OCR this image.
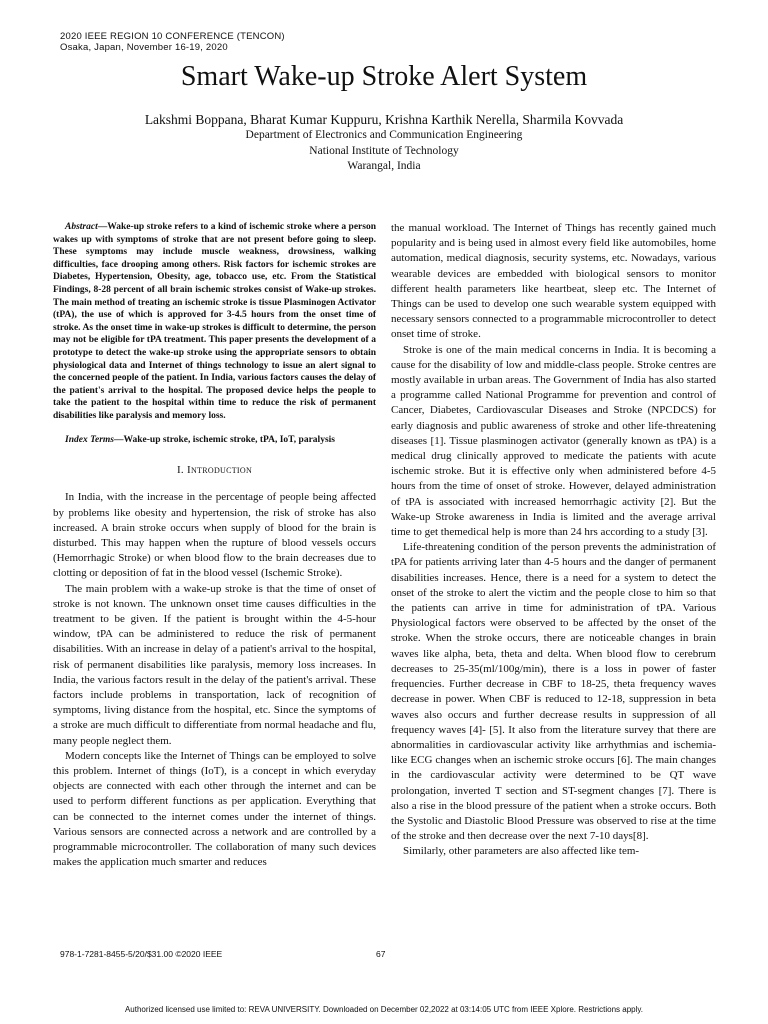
2020 IEEE REGION 10 CONFERENCE (TENCON)
Osaka, Japan, November 16-19, 2020
Smart Wake-up Stroke Alert System
Lakshmi Boppana, Bharat Kumar Kuppuru, Krishna Karthik Nerella, Sharmila Kovvada
Department of Electronics and Communication Engineering
National Institute of Technology
Warangal, India

Abstract—Wake-up stroke refers to a kind of ischemic stroke where a person wakes up with symptoms of stroke that are not present before going to sleep. These symptoms may include muscle weakness, drowsiness, walking difficulties, face drooping among others. Risk factors for ischemic strokes are Diabetes, Hypertension, Obesity, age, tobacco use, etc. From the Statistical Findings, 8-28 percent of all brain ischemic strokes consist of Wake-up strokes. The main method of treating an ischemic stroke is tissue Plasminogen Activator (tPA), the use of which is approved for 3-4.5 hours from the onset time of stroke. As the onset time in wake-up strokes is difficult to determine, the person may not be eligible for tPA treatment. This paper presents the development of a prototype to detect the wake-up stroke using the appropriate sensors to obtain physiological data and Internet of things technology to issue an alert signal to the concerned people of the patient. In India, various factors causes the delay of the patient's arrival to the hospital. The proposed device helps the people to take the patient to the hospital within time to reduce the risk of permanent disabilities like paralysis and memory loss.

Index Terms—Wake-up stroke, ischemic stroke, tPA, IoT, paralysis

I. Introduction

In India, with the increase in the percentage of people being affected by problems like obesity and hypertension, the risk of stroke has also increased. A brain stroke occurs when supply of blood for the brain is disturbed. This may happen when the rupture of blood vessels occurs (Hemorrhagic Stroke) or when blood flow to the brain decreases due to clotting or deposition of fat in the blood vessel (Ischemic Stroke).

The main problem with a wake-up stroke is that the time of onset of stroke is not known. The unknown onset time causes difficulties in the treatment to be given. If the patient is brought within the 4-5-hour window, tPA can be administered to reduce the risk of permanent disabilities. With an increase in delay of a patient's arrival to the hospital, risk of permanent disabilities like paralysis, memory loss increases. In India, the various factors result in the delay of the patient's arrival. These factors include problems in transportation, lack of recognition of symptoms, living distance from the hospital, etc. Since the symptoms of a stroke are much difficult to differentiate from normal headache and flu, many people neglect them.

Modern concepts like the Internet of Things can be employed to solve this problem. Internet of things (IoT), is a concept in which everyday objects are connected with each other through the internet and can be used to perform different functions as per application. Everything that can be connected to the internet comes under the internet of things. Various sensors are connected across a network and are controlled by a programmable microcontroller. The collaboration of many such devices makes the application much smarter and reduces

the manual workload. The Internet of Things has recently gained much popularity and is being used in almost every field like automobiles, home automation, medical diagnosis, security systems, etc. Nowadays, various wearable devices are embedded with biological sensors to monitor different health parameters like heartbeat, sleep etc. The Internet of Things can be used to develop one such wearable system equipped with necessary sensors connected to a programmable microcontroller to detect onset time of stroke.

Stroke is one of the main medical concerns in India. It is becoming a cause for the disability of low and middle-class people. Stroke centres are mostly available in urban areas. The Government of India has also started a programme called National Programme for prevention and control of Cancer, Diabetes, Cardiovascular Diseases and Stroke (NPCDCS) for early diagnosis and public awareness of stroke and other life-threatening diseases [1]. Tissue plasminogen activator (generally known as tPA) is a medical drug clinically approved to medicate the patients with acute ischemic stroke. But it is effective only when administered before 4-5 hours from the time of onset of stroke. However, delayed administration of tPA is associated with increased hemorrhagic activity [2]. But the Wake-up Stroke awareness in India is limited and the average arrival time to get themedical help is more than 24 hrs according to a study [3].

Life-threatening condition of the person prevents the administration of tPA for patients arriving later than 4-5 hours and the danger of permanent disabilities increases. Hence, there is a need for a system to detect the onset of the stroke to alert the victim and the people close to him so that the patients can arrive in time for administration of tPA. Various Physiological factors were observed to be affected by the onset of the stroke. When the stroke occurs, there are noticeable changes in brain waves like alpha, beta, theta and delta. When blood flow to cerebrum decreases to 25-35(ml/100g/min), there is a loss in power of faster frequencies. Further decrease in CBF to 18-25, theta frequency waves decrease in power. When CBF is reduced to 12-18, suppression in beta waves also occurs and further decrease results in suppression of all frequency waves [4]- [5]. It also from the literature survey that there are abnormalities in cardiovascular activity like arrhythmias and ischemia-like ECG changes when an ischemic stroke occurs [6]. The main changes in the cardiovascular activity were determined to be QT wave prolongation, inverted T section and ST-segment changes [7]. There is also a rise in the blood pressure of the patient when a stroke occurs. Both the Systolic and Diastolic Blood Pressure was observed to rise at the time of the stroke and then decrease over the next 7-10 days[8].

Similarly, other parameters are also affected like tem-

978-1-7281-8455-5/20/$31.00 ©2020 IEEE	67
Authorized licensed use limited to: REVA UNIVERSITY. Downloaded on December 02,2022 at 03:14:05 UTC from IEEE Xplore. Restrictions apply.
